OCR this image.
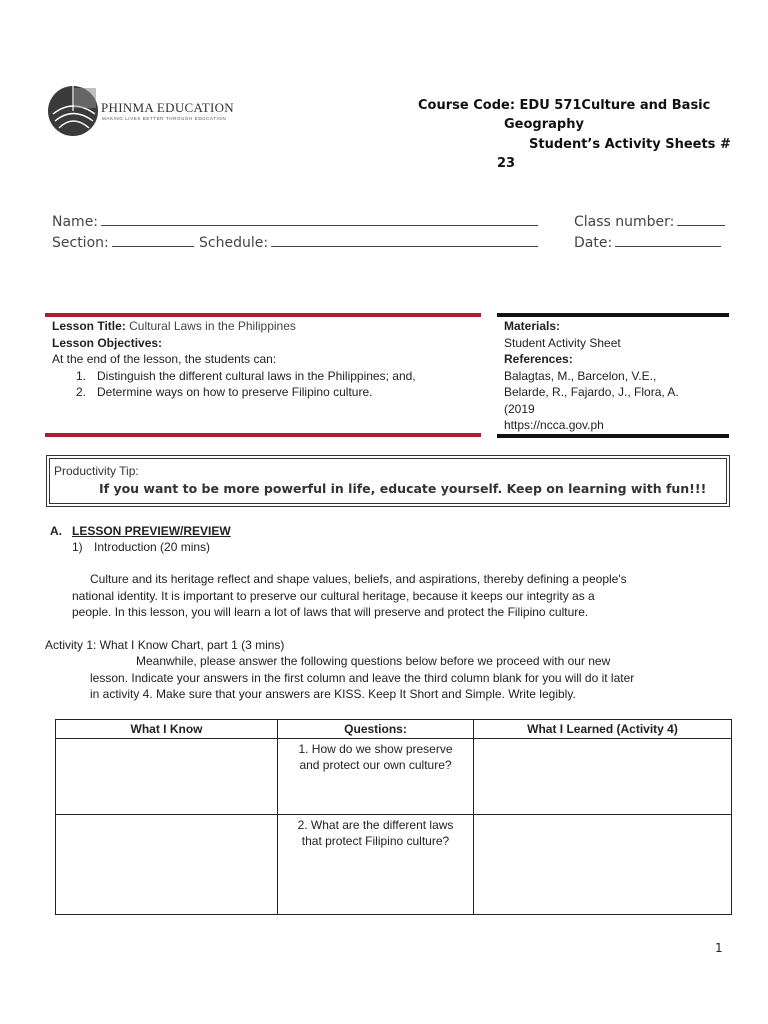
PHINMA EDUCATION
MAKING LIVES BETTER THROUGH EDUCATION
Course Code: EDU 571Culture and Basic
Geography
Student’s Activity Sheets #
23
Name:	Class number:
Section:	Schedule:	Date:
Lesson Title: Cultural Laws in the Philippines
Lesson Objectives:
At the end of the lesson, the students can:
1. Distinguish the different cultural laws in the Philippines; and,
2. Determine ways on how to preserve Filipino culture.
Materials:
Student Activity Sheet
References:
Balagtas, M., Barcelon, V.E.,
Belarde, R., Fajardo, J., Flora, A.
(2019
https://ncca.gov.ph
Productivity Tip:
If you want to be more powerful in life, educate yourself. Keep on learning with fun!!!
A. LESSON PREVIEW/REVIEW
1) Introduction (20 mins)
Culture and its heritage reflect and shape values, beliefs, and aspirations, thereby defining a people's
national identity. It is important to preserve our cultural heritage, because it keeps our integrity as a
people. In this lesson, you will learn a lot of laws that will preserve and protect the Filipino culture.
Activity 1: What I Know Chart, part 1 (3 mins)
Meanwhile, please answer the following questions below before we proceed with our new
lesson. Indicate your answers in the first column and leave the third column blank for you will do it later
in activity 4. Make sure that your answers are KISS. Keep It Short and Simple. Write legibly.
What I Know	Questions:	What I Learned (Activity 4)

	1. How do we show preserve
and protect our own culture?	

	2. What are the different laws
that protect Filipino culture?	

1
